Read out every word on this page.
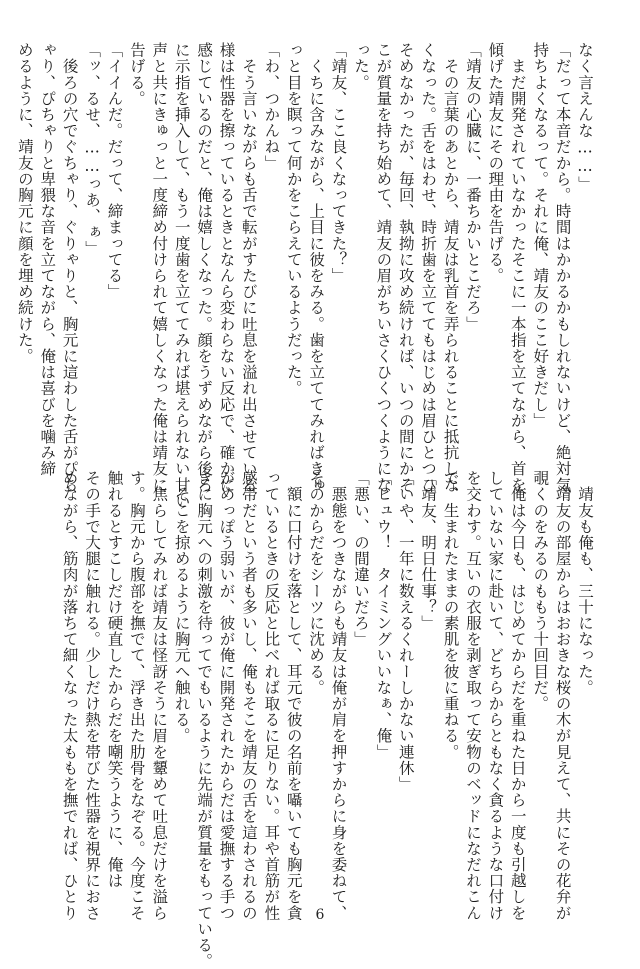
なく言えんな……」
「だって本音だから。時間はかかるかもしれないけど、絶対気
持ちよくなるって。それに俺、靖友のここ好きだし」
　まだ開発されていなかったそこに一本指を立てながら、首を
傾げた靖友にその理由を告げる。
「靖友の心臓に、一番ちかいとこだろ」
　その言葉のあとから、靖友は乳首を弄られることに抵抗しな
くなった。舌をはわせ、時折歯を立ててもはじめは眉ひとつひ
そめなかったが、毎回、執拗に攻め続ければ、いつの間にかそ
こが質量を持ち始めて、靖友の眉がちいさくひくつくようにな
った。
「靖友、ここ良くなってきた？」
　くちに含みながら、上目に彼をみる。歯を立ててみればきゅ
っと目を瞑って何かをこらえているようだった。
「わ、つかんね」
　そう言いながらも舌で転がすたびに吐息を溢れ出させている
様は性器を擦っているときとなんら変わらない反応で、確かに
感じているのだと、俺は嬉しくなった。顔をうずめながら後ろ
に示指を挿入して、もう一度歯を立ててみれば堪えられない甘い
声と共にきゅっと一度締め付けられて嬉しくなった俺は靖友に
告げる。
「イイんだ。だって、締まってる」
「ッ、るせ、……っあ、ぁ」
　後ろの穴でぐちゃり、ぐりゃりと、胸元に這わした舌がぴち
ゃり、ぴちゃりと卑猥な音を立てながら、俺は喜びを噛み締
めるように、靖友の胸元に顔を埋め続けた。
　靖友も俺も、三十になった。
　靖友の部屋からはおおきな桜の木が見えて、共にその花弁が
覗くのをみるのももう十回目だ。
　俺は今日も、はじめてからだを重ねた日から一度も引越しを
していない家に赴いて、どちらからともなく貪るような口付け
を交わす。互いの衣服を剥ぎ取って安物のベッドになだれこん
で、生まれたままの素肌を彼に重ねる。
「靖友、明日仕事？」
「いや、一年に数えるくれーしかない連休」
「ヒュウ！　タイミングいいなぁ、俺」
「悪い、の間違いだろ」
　悪態をつきながらも靖友は俺が肩を押すからに身を委ねて、
そのからだをシーツに沈める。
　額に口付けを落として、耳元で彼の名前を囁いても胸元を貪
っているときの反応と比べれば取るに足りない。耳や首筋が性
感帯だという者も多いし、俺もそこを靖友の舌を這わされるの
がめっぽう弱いが、彼が俺に開発されたからだは愛撫する手つ
きに胸元への刺激を待ってでもいるように先端が質量をもっている。
　そこを掠めるように胸元へ触れる。
　焦らしてみれば靖友は怪訝そうに眉を顰めて吐息だけを溢ら
す。胸元から腹部を撫でて、浮き出た肋骨をなぞる。今度こそ
触れるとすこしだけ硬直したからだを嘲笑うように、俺は
その手で大腿に触れる。少しだけ熱を帯びた性器を視界におさ
めながら、筋肉が落ちて細くなった太ももを撫でれば、ひとり	6
